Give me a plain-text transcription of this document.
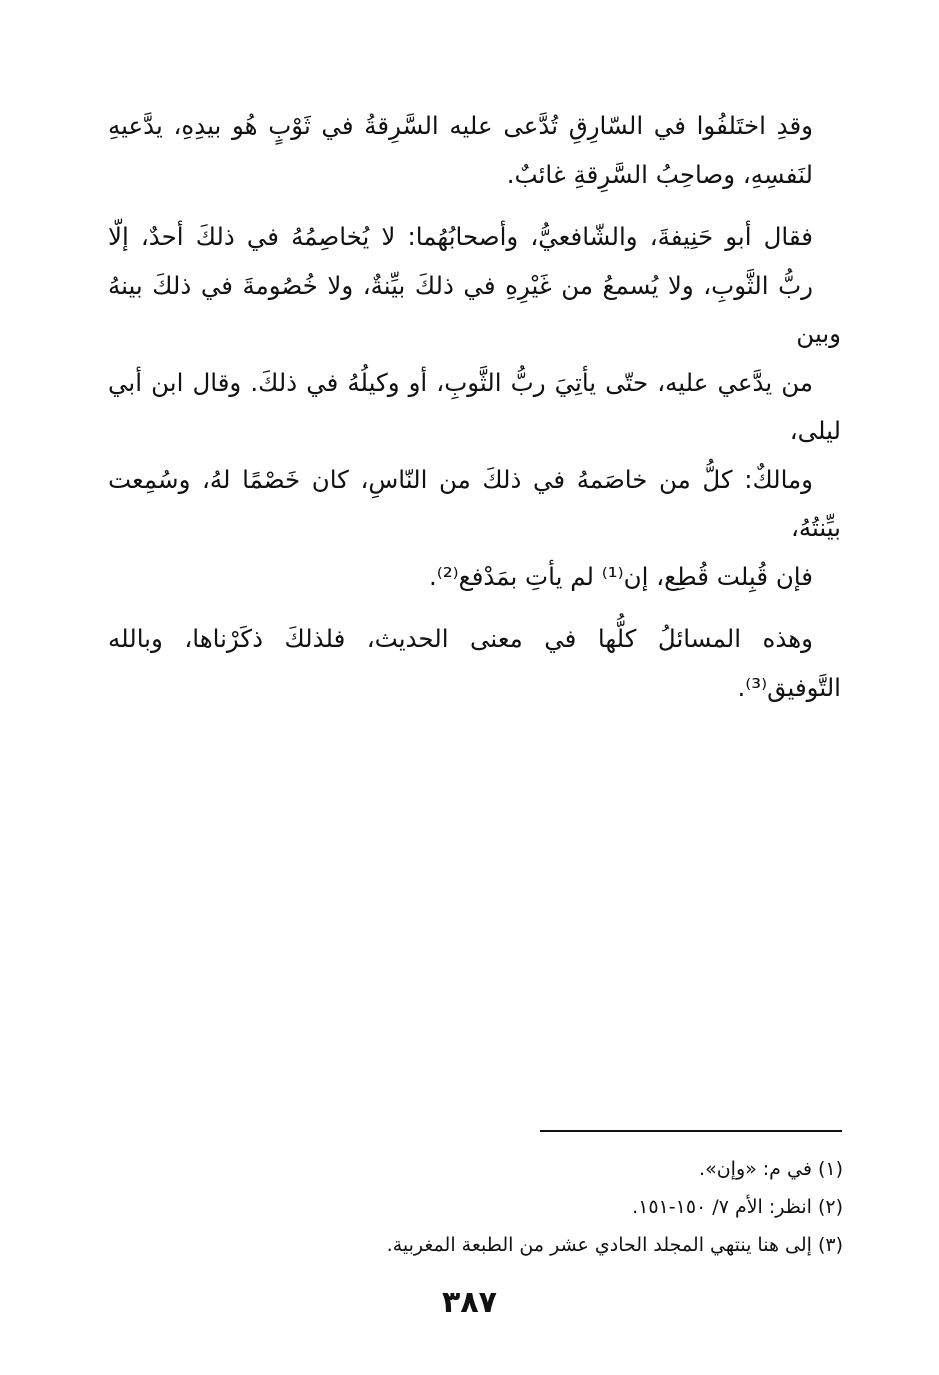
وقدِ اختَلفُوا في السّارِقِ تُدَّعى عليه السَّرِقةُ في ثَوْبٍ هُو بيدِهِ، يدَّعيهِ
لنَفسِهِ، وصاحِبُ السَّرِقةِ غائبٌ.

فقال أبو حَنِيفةَ، والشّافعيُّ، وأصحابُهُما: لا يُخاصِمُهُ في ذلكَ أحدٌ، إلّا
ربُّ الثَّوبِ، ولا يُسمعُ من غَيْرِهِ في ذلكَ بيِّنةٌ، ولا خُصُومةَ في ذلكَ بينهُ وبين
من يدَّعي عليه، حتّى يأتِيَ ربُّ الثَّوبِ، أو وكيلُهُ في ذلكَ. وقال ابن أبي ليلى،
ومالكٌ: كلُّ من خاصَمهُ في ذلكَ من النّاسِ، كان خَصْمًا لهُ، وسُمِعت بيِّنتُهُ،
فإن قُبِلت قُطِع، إن⁽¹⁾ لم يأتِ بمَدْفع⁽²⁾.

وهذه المسائلُ كلُّها في معنى الحديث، فلذلكَ ذكَرْناها، وبالله التَّوفيق⁽³⁾.

(١) في م: «وإن».
(٢) انظر: الأم ٧/ ١٥٠-١٥١.
(٣) إلى هنا ينتهي المجلد الحادي عشر من الطبعة المغربية.
٣٨٧
